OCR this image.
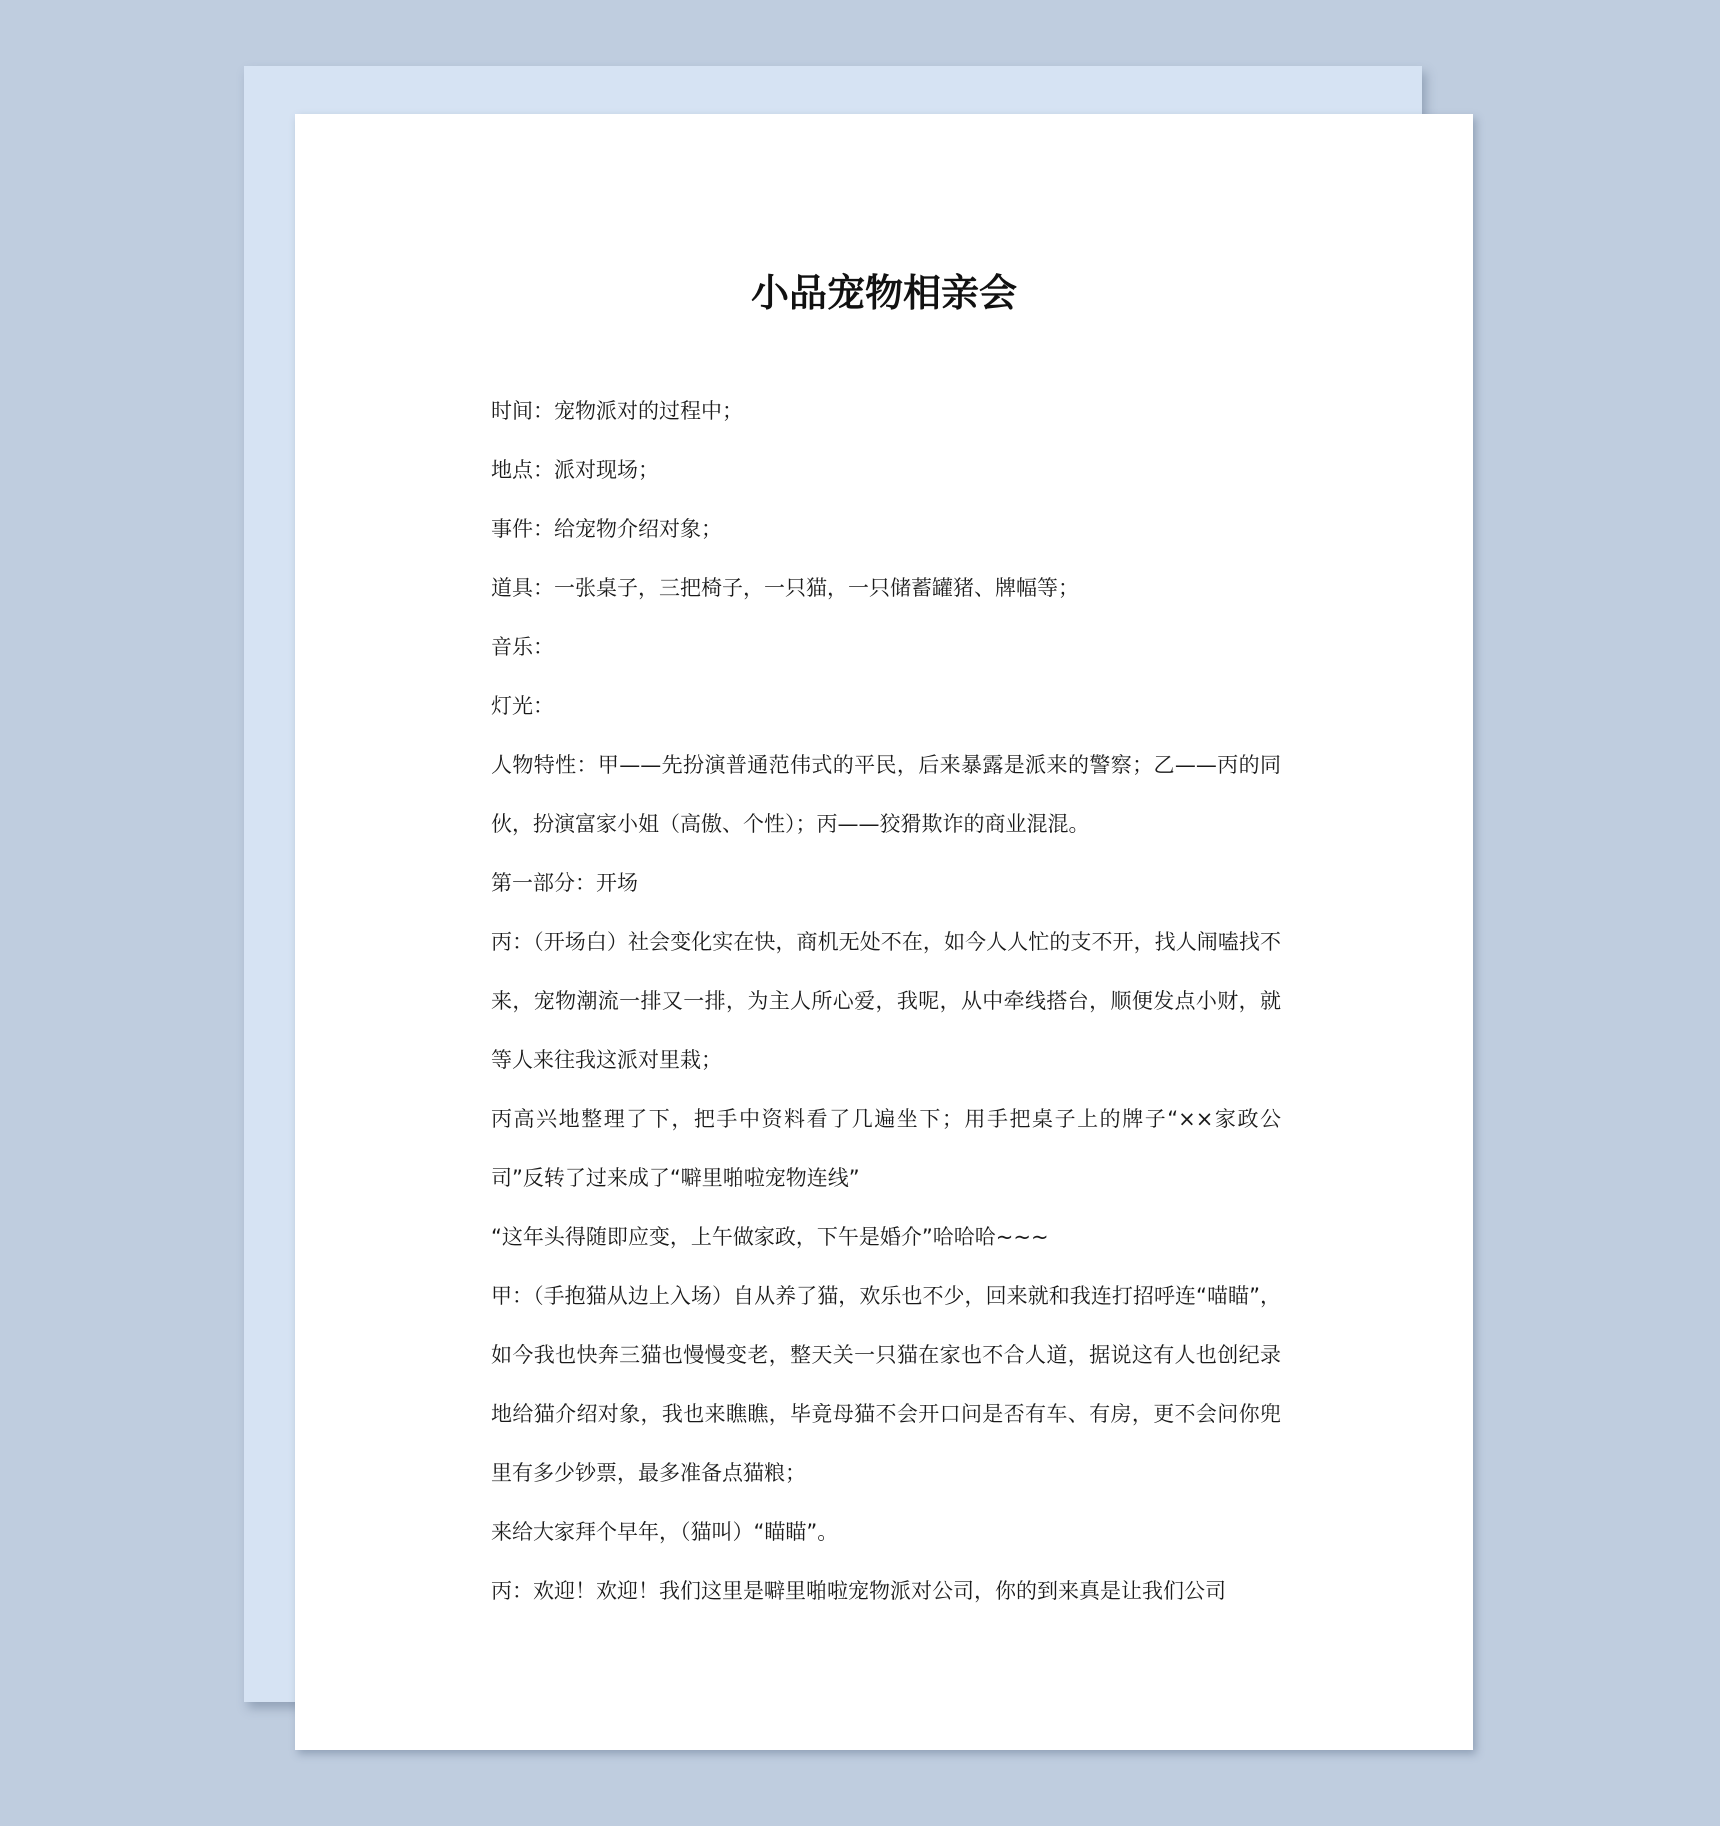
小品宠物相亲会

时间：宠物派对的过程中；

地点：派对现场；

事件：给宠物介绍对象；

道具：一张桌子，三把椅子，一只猫，一只储蓄罐猪、牌幅等；

音乐：

灯光：

人物特性：甲——先扮演普通范伟式的平民，后来暴露是派来的警察；乙——丙的同伙，扮演富家小姐（高傲、个性）；丙——狡猾欺诈的商业混混。

第一部分：开场

丙：（开场白）社会变化实在快，商机无处不在，如今人人忙的支不开，找人闹嗑找不来，宠物潮流一排又一排，为主人所心爱，我呢，从中牵线搭台，顺便发点小财，就等人来往我这派对里栽；

丙高兴地整理了下，把手中资料看了几遍坐下；用手把桌子上的牌子“××家政公司”反转了过来成了“噼里啪啦宠物连线”

“这年头得随即应变，上午做家政，下午是婚介”哈哈哈~~~

甲：（手抱猫从边上入场）自从养了猫，欢乐也不少，回来就和我连打招呼连“喵瞄”，如今我也快奔三猫也慢慢变老，整天关一只猫在家也不合人道，据说这有人也创纪录地给猫介绍对象，我也来瞧瞧，毕竟母猫不会开口问是否有车、有房，更不会问你兜里有多少钞票，最多准备点猫粮；

来给大家拜个早年，（猫叫）“瞄瞄”。

丙：欢迎！欢迎！我们这里是噼里啪啦宠物派对公司，你的到来真是让我们公司
